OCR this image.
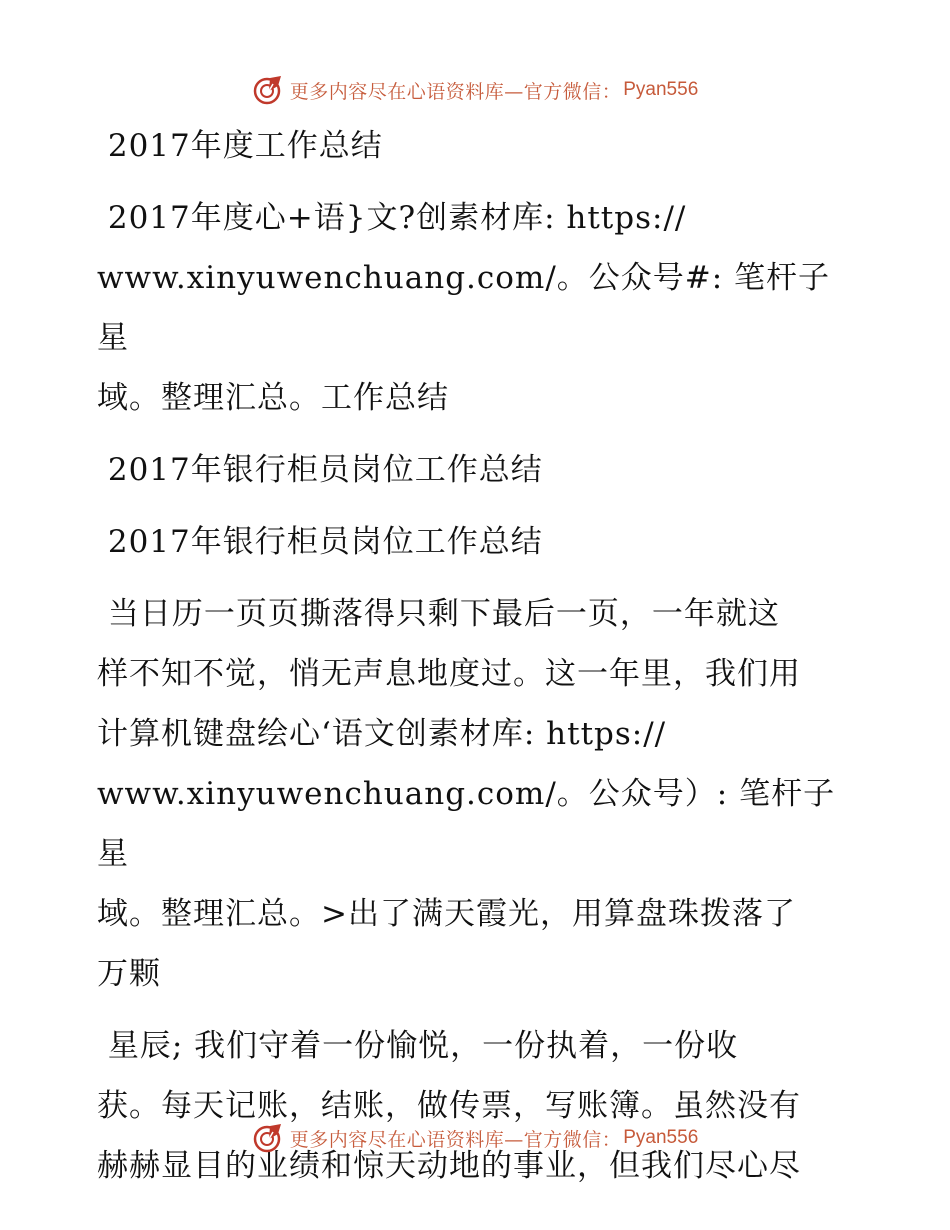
更多内容尽在心语资料库—官方微信： Pyan556

2017年度工作总结

2017年度心+语}文?创素材库: https://
www.xinyuwenchuang.com/。公众号#: 笔杆子星
域。整理汇总。工作总结

2017年银行柜员岗位工作总结

2017年银行柜员岗位工作总结

当日历一页页撕落得只剩下最后一页，一年就这
样不知不觉，悄无声息地度过。这一年里，我们用
计算机键盘绘心‘语文创素材库: https://
www.xinyuwenchuang.com/。公众号）: 笔杆子星
域。整理汇总。>出了满天霞光，用算盘珠拨落了
万颗

星辰; 我们守着一份愉悦，一份执着，一份收
获。每天记账，结账，做传票，写账簿。虽然没有
赫赫显目的业绩和惊天动地的事业，但我们尽心尽

更多内容尽在心语资料库—官方微信： Pyan556
